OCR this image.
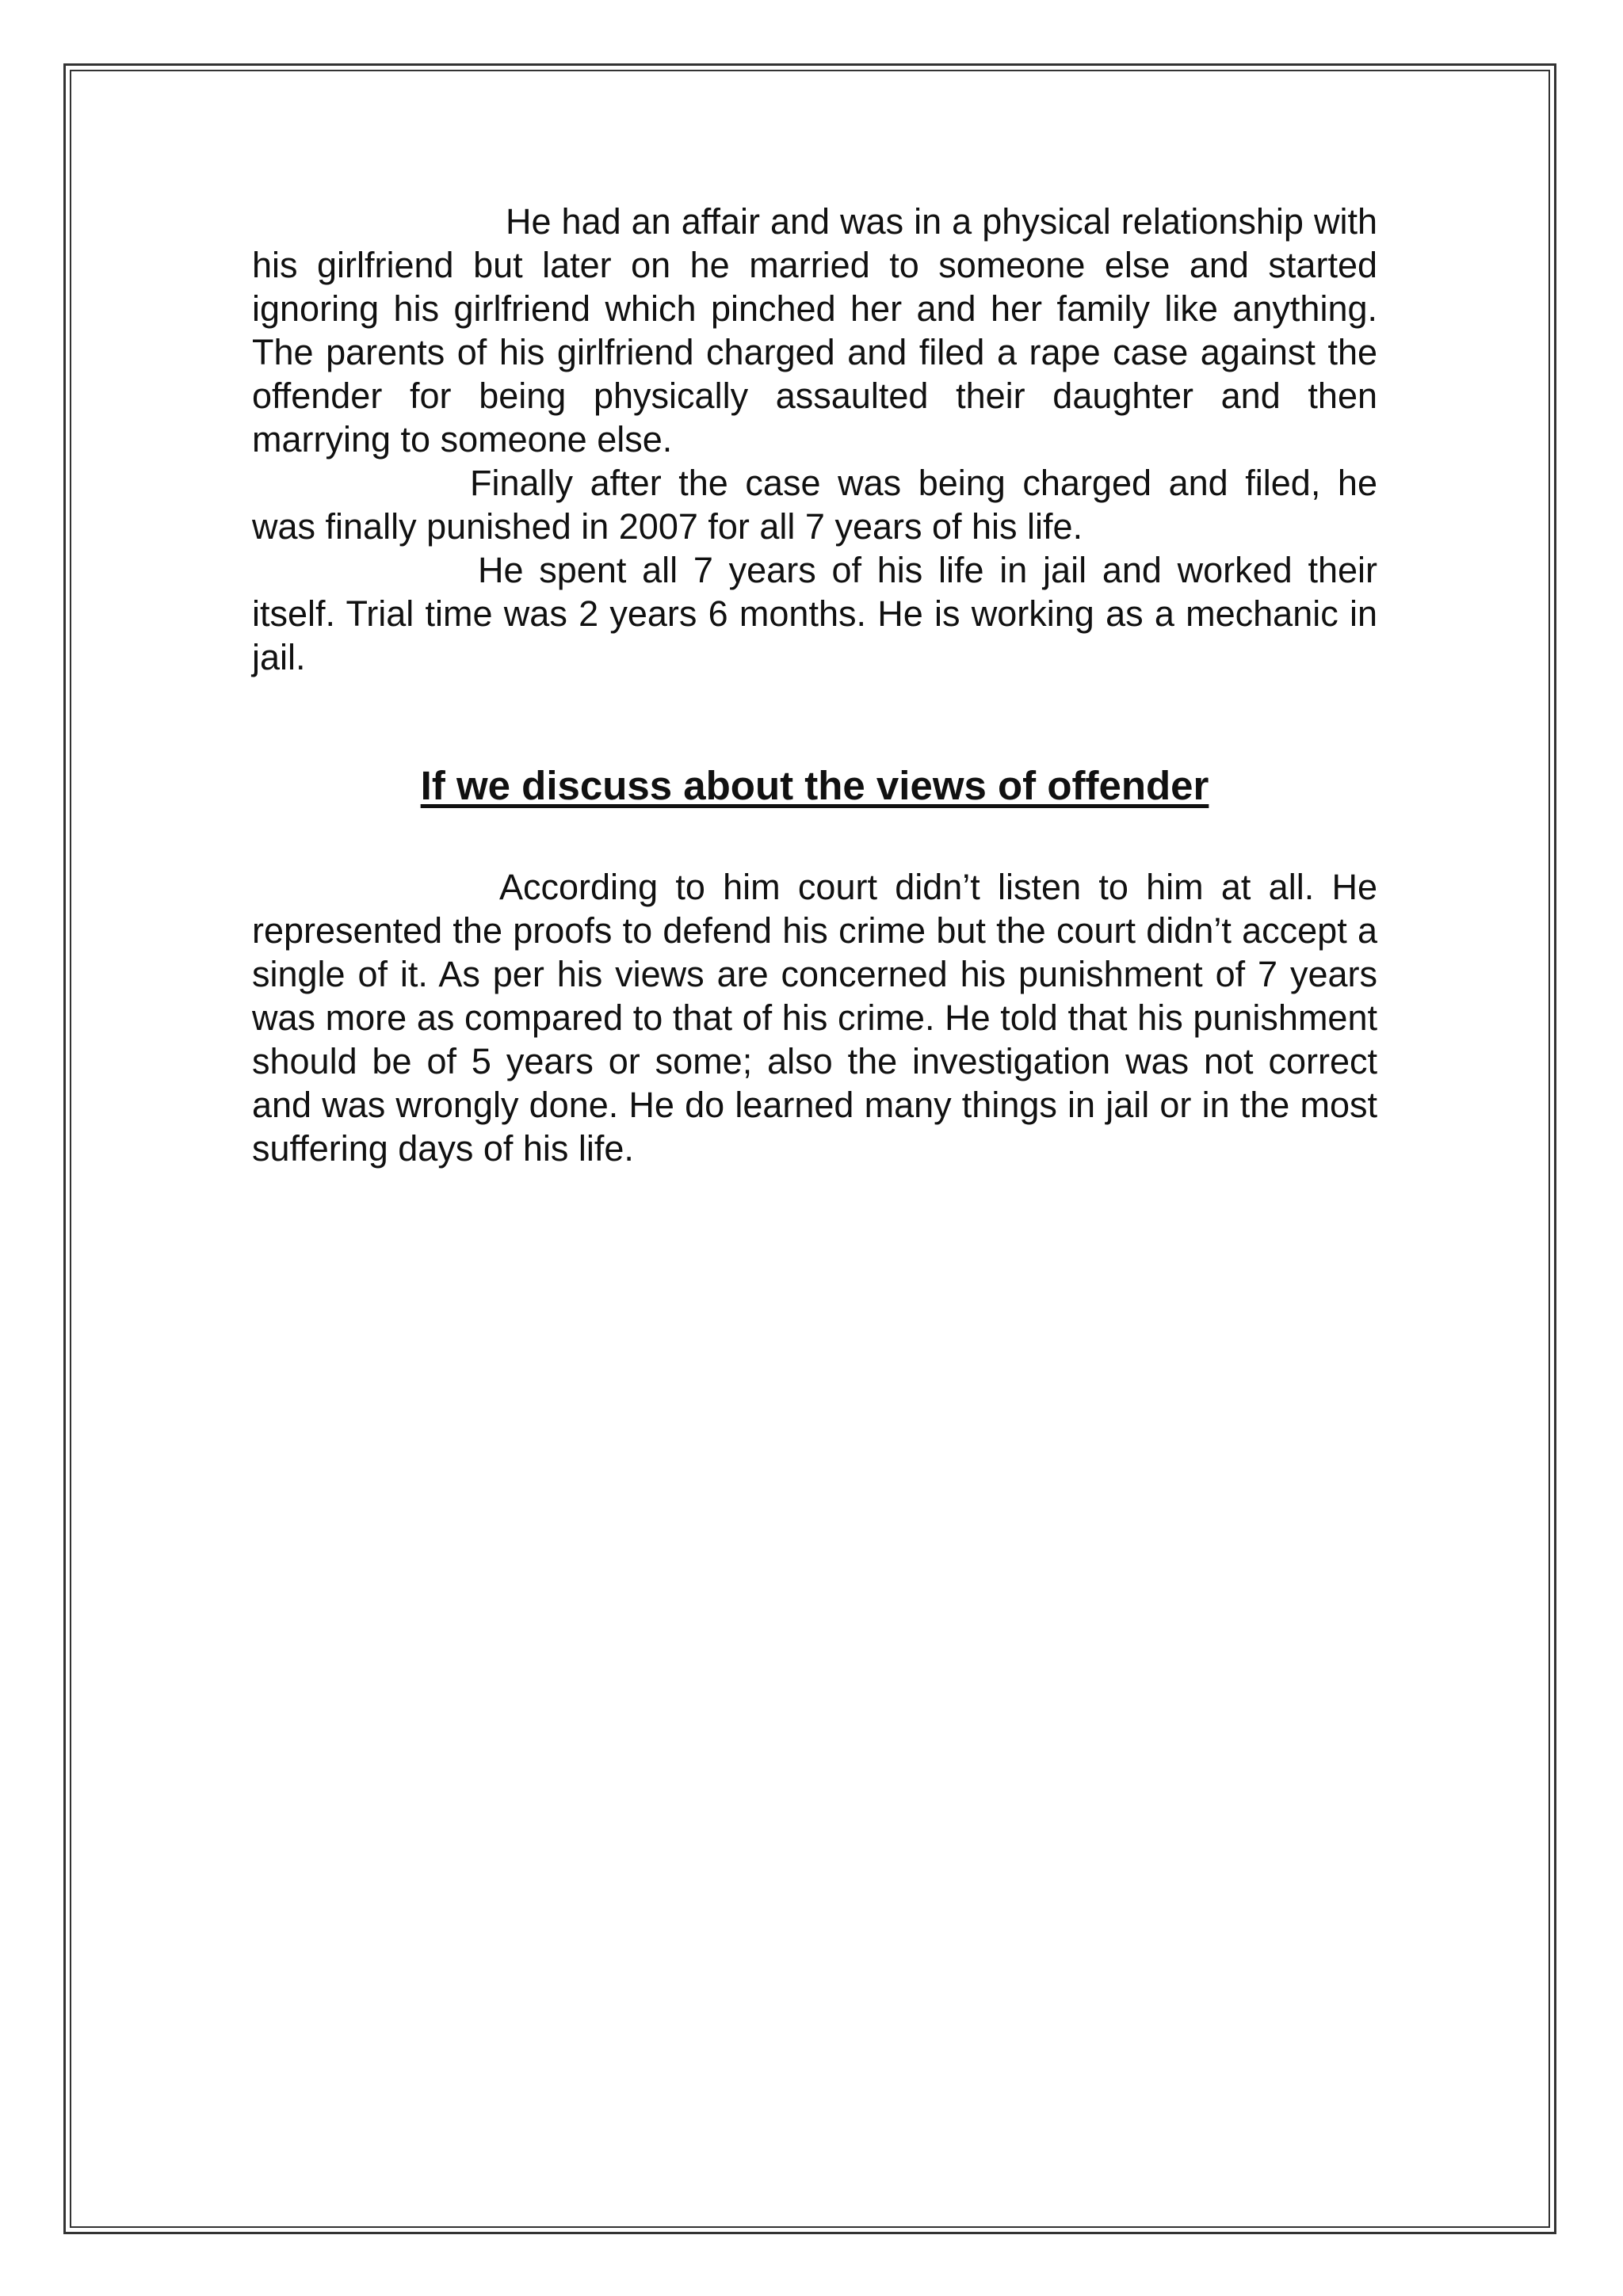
He had an affair and was in a physical relationship with his girlfriend but later on he married to someone else and started ignoring his girlfriend which pinched her and her family like anything. The parents of his girlfriend charged and filed a rape case against the offender for being physically assaulted their daughter and then marrying to someone else.

Finally after the case was being charged and filed, he was finally punished in 2007 for all 7 years of his life.

He spent all 7 years of his life in jail and worked their itself. Trial time was 2 years 6 months. He is working as a mechanic in jail.

If we discuss about the views of offender

According to him court didn’t listen to him at all. He represented the proofs to defend his crime but the court didn’t accept a single of it. As per his views are concerned his punishment of 7 years was more as compared to that of his crime. He told that his punishment should be of 5 years or some; also the investigation was not correct and was wrongly done. He do learned many things in jail or in the most suffering days of his life.
